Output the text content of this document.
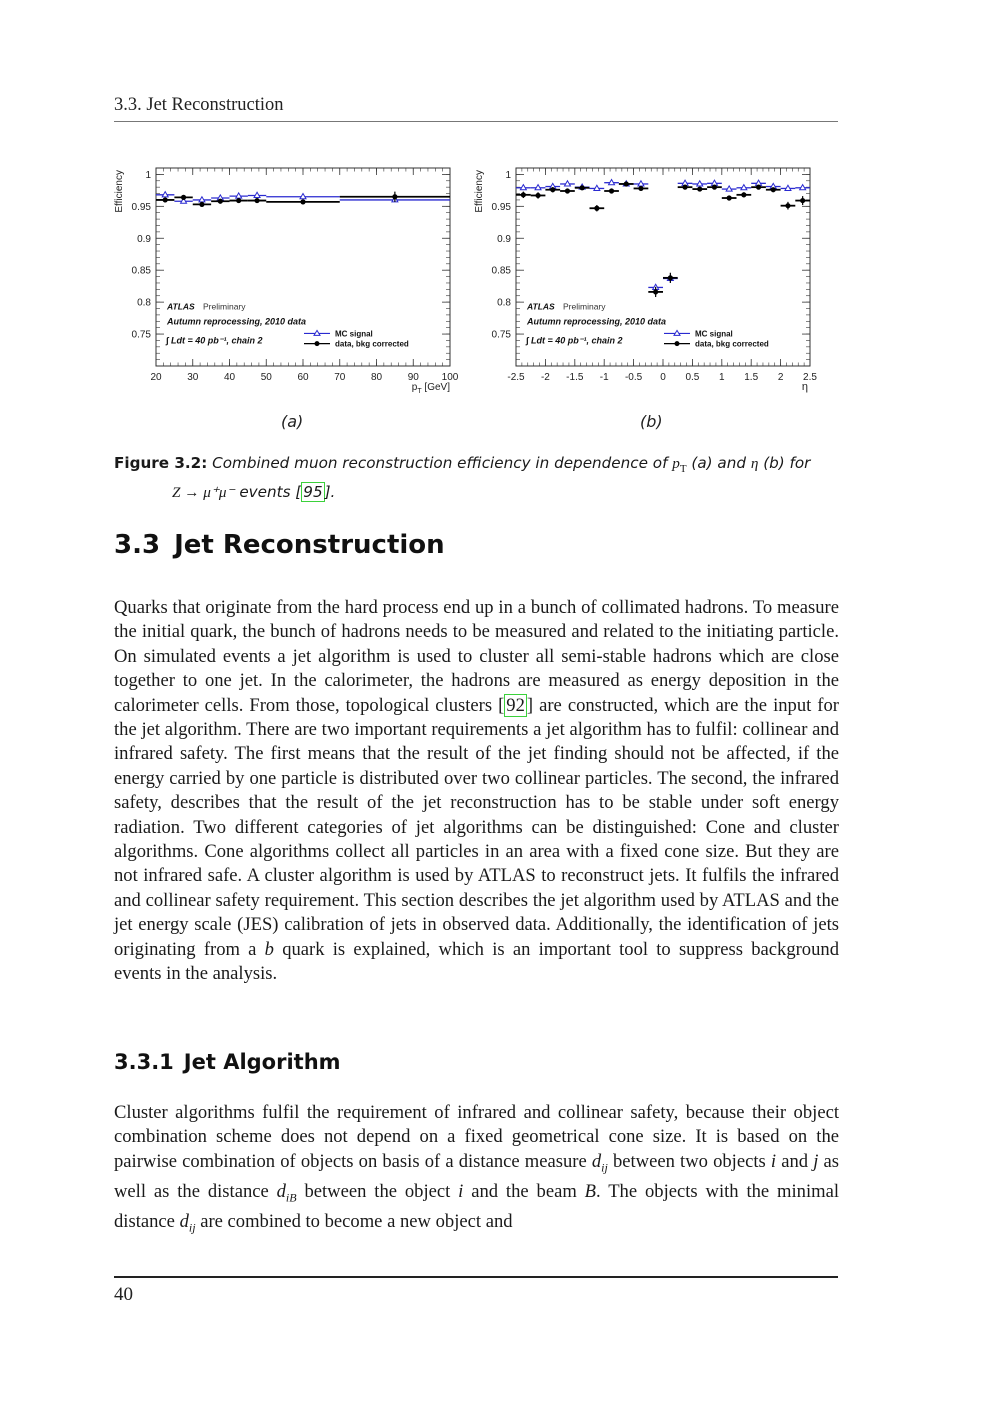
3.3. Jet Reconstruction
20	30	40	50	60	70	80	90 100
0.75
0.8
0.85
0.9
0.95
1
Efficiency
$p_T$ [GeV]
ATLAS Preliminary
Autumn reprocessing, 2010 data
∫ Ldt = 40 pb⁻¹, chain 2
MC signal
data, bkg corrected
-2.5 -2 -1.5 -1 -0.5 0 0.5 1 1.5 2 2.5
0.75
0.8
0.85
0.9
0.95
1
Efficiency
η
ATLAS Preliminary
Autumn reprocessing, 2010 data
∫ Ldt = 40 pb⁻¹, chain 2
MC signal
data, bkg corrected
(a)	(b)
Figure 3.2: Combined muon reconstruction efficiency in dependence of $p_T$ (a) and η (b) for
Z → μ⁺μ⁻ events [ 95 ].
3.3 Jet Reconstruction
Quarks that originate from the hard process end up in a bunch of collimated hadrons. To measure the initial quark, the bunch of hadrons needs to be measured and related to the initiating particle. On simulated events a jet algorithm is used to cluster all semi-stable hadrons which are close together to one jet. In the calorimeter, the hadrons are measured as energy deposition in the calorimeter cells. From those, topological clusters [ 92 ] are constructed, which are the input for the jet algorithm. There are two important requirements a jet algorithm has to fulfil: collinear and infrared safety. The first means that the result of the jet finding should not be affected, if the energy carried by one particle is distributed over two collinear particles. The second, the infrared safety, describes that the result of the jet reconstruction has to be stable under soft energy radiation. Two different categories of jet algorithms can be distinguished: Cone and cluster algorithms. Cone algorithms collect all particles in an area with a fixed cone size. But they are not infrared safe. A cluster algorithm is used by ATLAS to reconstruct jets. It fulfils the infrared and collinear safety requirement. This section describes the jet algorithm used by ATLAS and the jet energy scale (JES) calibration of jets in observed data. Additionally, the identification of jets originating from a b quark is explained, which is an important tool to suppress background events in the analysis.
3.3.1 Jet Algorithm
Cluster algorithms fulfil the requirement of infrared and collinear safety, because their object combination scheme does not depend on a fixed geometrical cone size. It is based on the pairwise combination of objects on basis of a distance measure $d_{ij}$ between two objects i and j as well as the distance $d_{iB}$ between the object i and the beam B. The objects with the minimal distance $d_{ij}$ are combined to become a new object and
40
